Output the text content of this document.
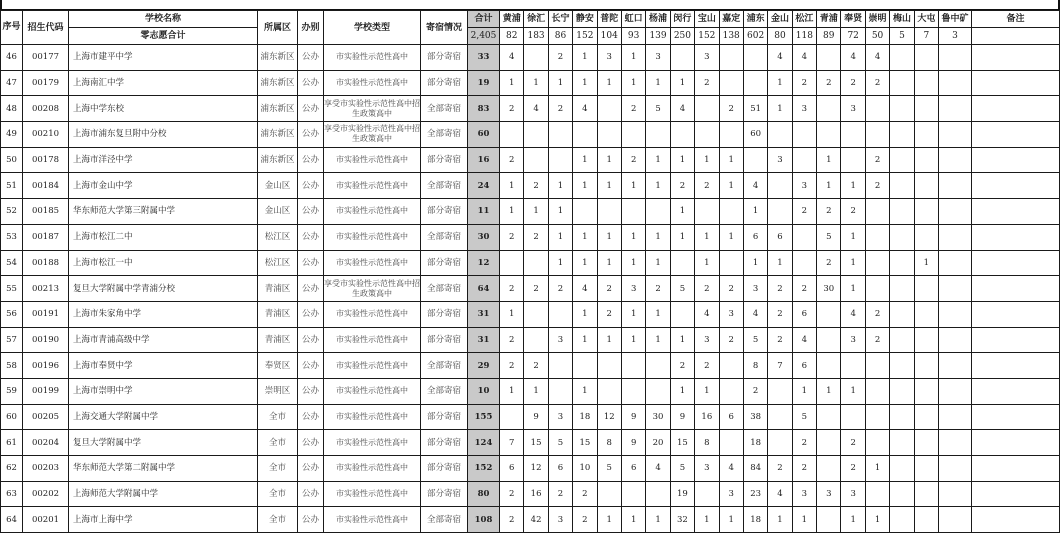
序号	招生代码	学校名称	所属区	办别	学校类型	寄宿情况	合计	黄浦	徐汇	长宁	静安	普陀	虹口	杨浦	闵行	宝山	嘉定	浦东	金山	松江	青浦	奉贤	崇明	梅山	大屯	鲁中矿	备注
		零志愿合计					2,405	82	183	86	152	104	93	139	250	152	138	602	80	118	89	72	50	5	7	3	
46	00177	上海市建平中学	浦东新区	公办	市实验性示范性高中	部分寄宿	33	4		2	1	3	1	3		3			4	4		4	4				
47	00179	上海南汇中学	浦东新区	公办	市实验性示范性高中	部分寄宿	19	1	1	1	1	1	1	1	1	2			1	2	2	2	2				
48	00208	上海中学东校	浦东新区	公办	享受市实验性示范性高中招生政策高中	全部寄宿	83	2	4	2	4		2	5	4		2	51	1	3		3					
49	00210	上海市浦东复旦附中分校	浦东新区	公办	享受市实验性示范性高中招生政策高中	全部寄宿	60											60									
50	00178	上海市洋泾中学	浦东新区	公办	市实验性示范性高中	部分寄宿	16	2			1	1	2	1	1	1	1		3		1		2				
51	00184	上海市金山中学	金山区	公办	市实验性示范性高中	全部寄宿	24	1	2	1	1	1	1	1	2	2	1	4		3	1	1	2				
52	00185	华东师范大学第三附属中学	金山区	公办	市实验性示范性高中	部分寄宿	11	1	1	1					1			1		2	2	2					
53	00187	上海市松江二中	松江区	公办	市实验性示范性高中	全部寄宿	30	2	2	1	1	1	1	1	1	1	1	6	6		5	1					
54	00188	上海市松江一中	松江区	公办	市实验性示范性高中	部分寄宿	12			1	1	1	1	1		1		1	1		2	1			1		
55	00213	复旦大学附属中学青浦分校	青浦区	公办	享受市实验性示范性高中招生政策高中	全部寄宿	64	2	2	2	4	2	3	2	5	2	2	3	2	2	30	1					
56	00191	上海市朱家角中学	青浦区	公办	市实验性示范性高中	部分寄宿	31	1			1	2	1	1		4	3	4	2	6		4	2				
57	00190	上海市青浦高级中学	青浦区	公办	市实验性示范性高中	部分寄宿	31	2		3	1	1	1	1	1	3	2	5	2	4		3	2				
58	00196	上海市奉贤中学	奉贤区	公办	市实验性示范性高中	全部寄宿	29	2	2						2	2		8	7	6							
59	00199	上海市崇明中学	崇明区	公办	市实验性示范性高中	全部寄宿	10	1	1		1				1	1		2		1	1	1					
60	00205	上海交通大学附属中学	全市	公办	市实验性示范性高中	部分寄宿	155		9	3	18	12	9	30	9	16	6	38		5							
61	00204	复旦大学附属中学	全市	公办	市实验性示范性高中	部分寄宿	124	7	15	5	15	8	9	20	15	8		18		2		2					
62	00203	华东师范大学第二附属中学	全市	公办	市实验性示范性高中	部分寄宿	152	6	12	6	10	5	6	4	5	3	4	84	2	2		2	1				
63	00202	上海师范大学附属中学	全市	公办	市实验性示范性高中	部分寄宿	80	2	16	2	2				19		3	23	4	3	3	3					
64	00201	上海市上海中学	全市	公办	市实验性示范性高中	全部寄宿	108	2	42	3	2	1	1	1	32	1	1	18	1	1		1	1				
